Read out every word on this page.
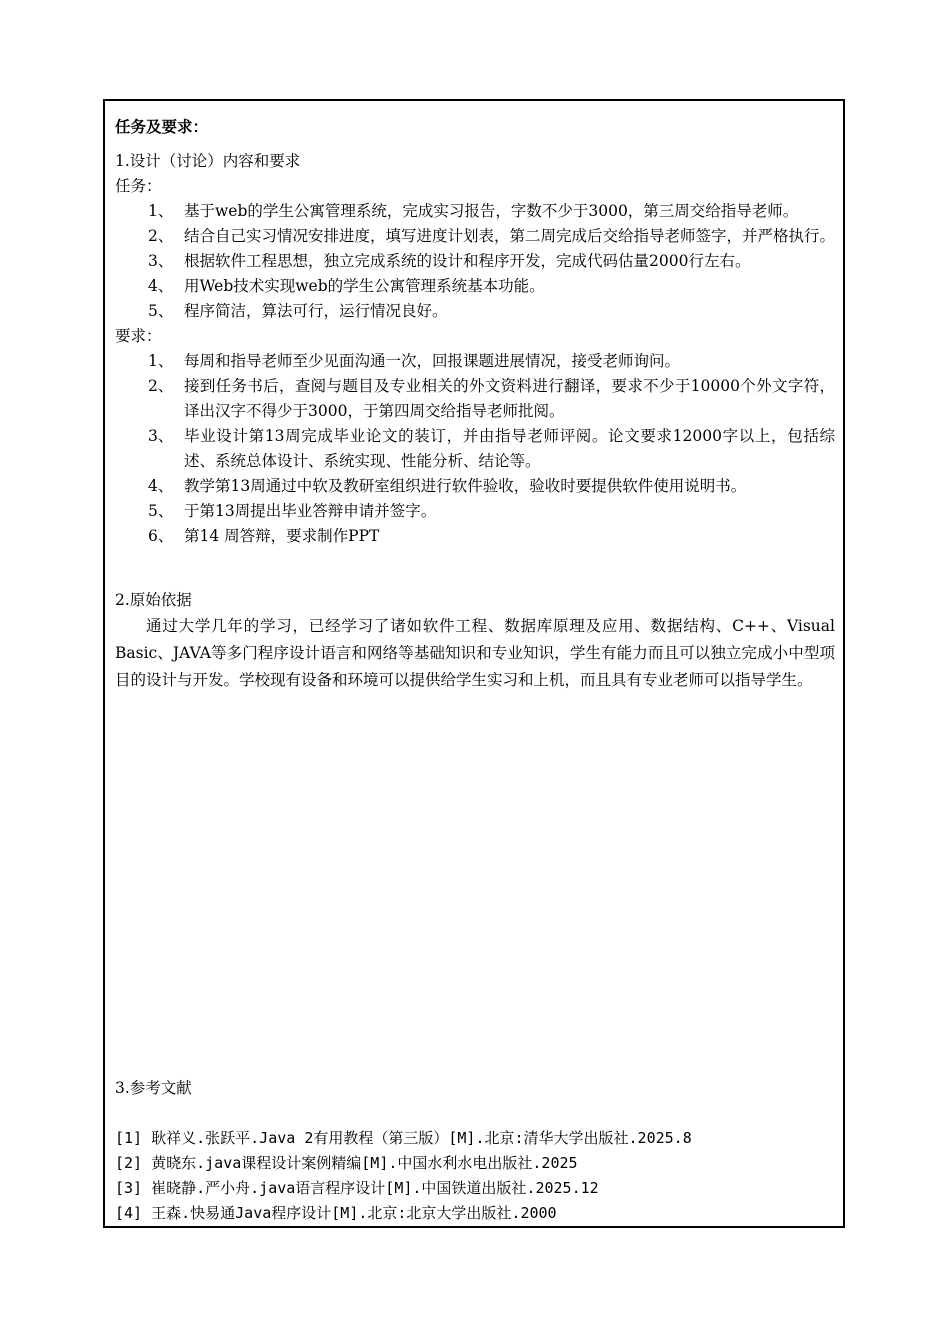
任务及要求：
1.设计（讨论）内容和要求
任务：
1、 基于web的学生公寓管理系统，完成实习报告，字数不少于3000，第三周交给指导老师。
2、 结合自己实习情况安排进度，填写进度计划表，第二周完成后交给指导老师签字，并严格执行。
3、 根据软件工程思想，独立完成系统的设计和程序开发，完成代码估量2000行左右。
4、 用Web技术实现web的学生公寓管理系统基本功能。
5、 程序简洁，算法可行，运行情况良好。
要求：
1、 每周和指导老师至少见面沟通一次，回报课题进展情况，接受老师询问。
2、 接到任务书后，查阅与题目及专业相关的外文资料进行翻译，要求不少于10000个外文字符，译出汉字不得少于3000，于第四周交给指导老师批阅。
3、 毕业设计第13周完成毕业论文的装订，并由指导老师评阅。论文要求12000字以上，包括综述、系统总体设计、系统实现、性能分析、结论等。
4、 教学第13周通过中软及教研室组织进行软件验收，验收时要提供软件使用说明书。
5、 于第13周提出毕业答辩申请并签字。
6、 第14 周答辩，要求制作PPT
2.原始依据
通过大学几年的学习，已经学习了诸如软件工程、数据库原理及应用、数据结构、C++、Visual Basic、JAVA等多门程序设计语言和网络等基础知识和专业知识，学生有能力而且可以独立完成小中型项目的设计与开发。学校现有设备和环境可以提供给学生实习和上机，而且具有专业老师可以指导学生。
3.参考文献
[1] 耿祥义.张跃平.Java 2有用教程（第三版）[M].北京:清华大学出版社.2025.8
[2] 黄晓东.java课程设计案例精编[M].中国水利水电出版社.2025
[3] 崔晓静.严小舟.java语言程序设计[M].中国铁道出版社.2025.12
[4] 王森.快易通Java程序设计[M].北京:北京大学出版社.2000
